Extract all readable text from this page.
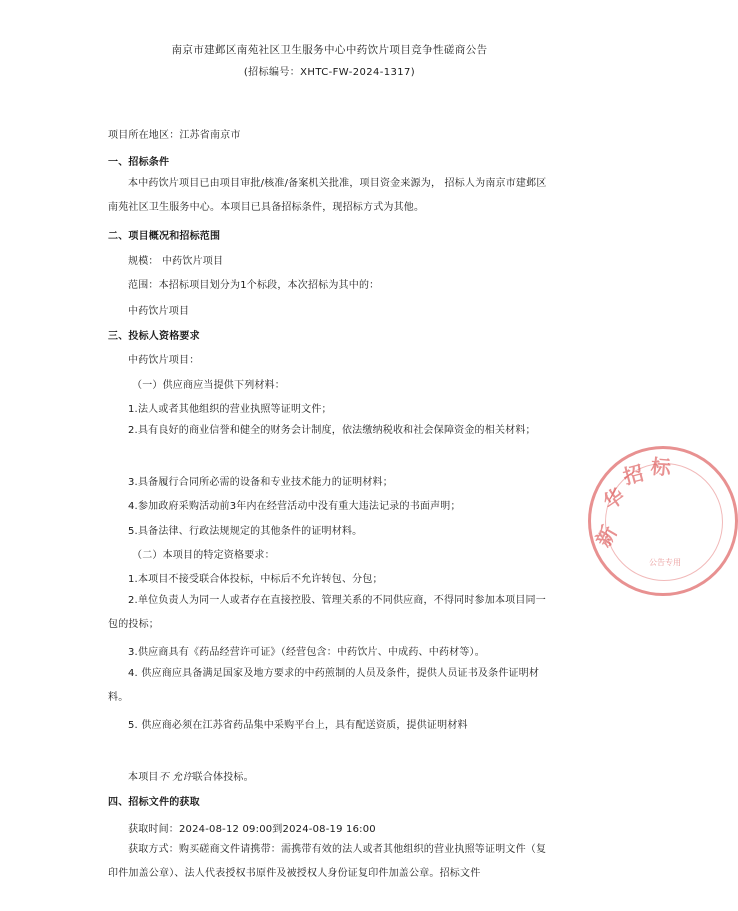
南京市建邺区南苑社区卫生服务中心中药饮片项目竞争性磋商公告
(招标编号：XHTC-FW-2024-1317)
项目所在地区：江苏省南京市
一、招标条件
本中药饮片项目已由项目审批/核准/备案机关批准，项目资金来源为， 招标人为南京市建邺区南苑社区卫生服务中心。本项目已具备招标条件，现招标方式为其他。
二、项目概况和招标范围
规模： 中药饮片项目
范围：本招标项目划分为1个标段，本次招标为其中的：
中药饮片项目
三、投标人资格要求
中药饮片项目：
（一）供应商应当提供下列材料：
1.法人或者其他组织的营业执照等证明文件；
2.具有良好的商业信誉和健全的财务会计制度，依法缴纳税收和社会保障资金的相关材料；
3.具备履行合同所必需的设备和专业技术能力的证明材料；
4.参加政府采购活动前3年内在经营活动中没有重大违法记录的书面声明；
5.具备法律、行政法规规定的其他条件的证明材料。
（二）本项目的特定资格要求：
1.本项目不接受联合体投标，中标后不允许转包、分包；
2.单位负责人为同一人或者存在直接控股、管理关系的不同供应商，不得同时参加本项目同一包的投标；
3.供应商具有《药品经营许可证》（经营包含：中药饮片、中成药、中药材等）。
4. 供应商应具备满足国家及地方要求的中药煎制的人员及条件，提供人员证书及条件证明材料。
5. 供应商必须在江苏省药品集中采购平台上，具有配送资质，提供证明材料
本项目不 允许联合体投标。
四、招标文件的获取
获取时间：2024-08-12 09:00到2024-08-19 16:00
获取方式：购买磋商文件请携带：需携带有效的法人或者其他组织的营业执照等证明文件（复印件加盖公章）、法人代表授权书原件及被授权人身份证复印件加盖公章。招标文件
新
华
招 标
公告专用
